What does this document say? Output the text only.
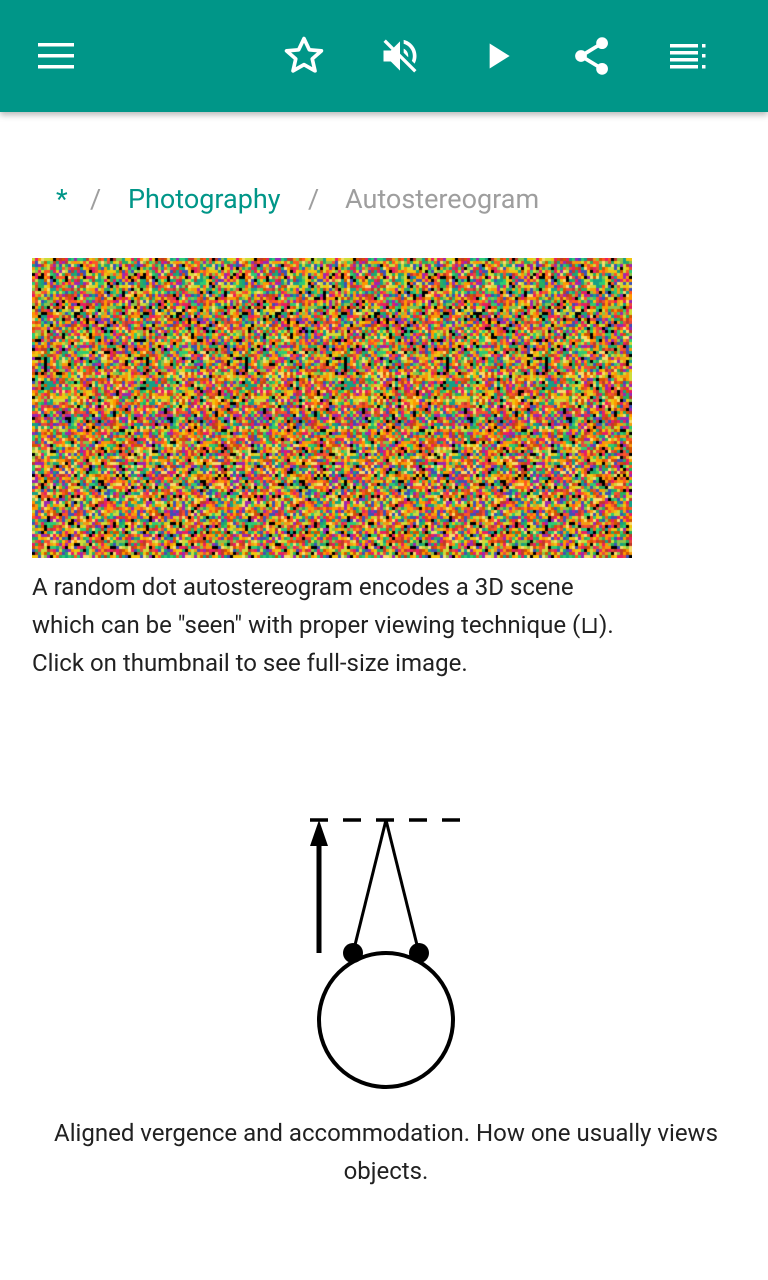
* / Photography / Autostereogram
A random dot autostereogram encodes a 3D scene which can be "seen" with proper viewing technique (⊔). Click on thumbnail to see full-size image.
Aligned vergence and accommodation. How one usually views objects.
